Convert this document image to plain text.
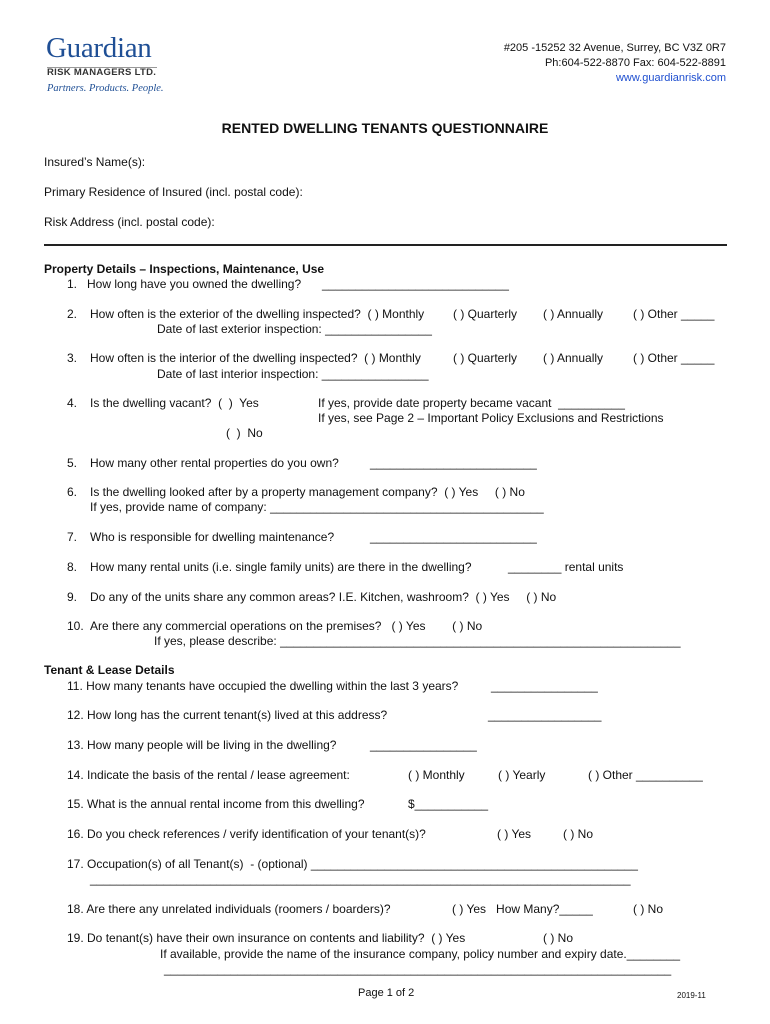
Guardian
RISK MANAGERS LTD.
Partners. Products. People.
#205 -15252 32 Avenue, Surrey, BC V3Z 0R7
Ph:604-522-8870 Fax: 604-522-8891
www.guardianrisk.com
RENTED DWELLING TENANTS QUESTIONNAIRE
Insured’s Name(s):
Primary Residence of Insured (incl. postal code):
Risk Address (incl. postal code):
Property Details – Inspections, Maintenance, Use
1.   How long have you owned the dwelling? ____________________________
2. How often is the exterior of the dwelling inspected?  ( ) Monthly ( ) Quarterly ( ) Annually ( ) Other _____
Date of last exterior inspection: ________________
3. How often is the interior of the dwelling inspected?  ( ) Monthly	( ) Quarterly ( ) Annually ( ) Other _____
Date of last interior inspection: ________________
4. Is the dwelling vacant?  (  )  Yes	If yes, provide date property became vacant  __________
If yes, see Page 2 – Important Policy Exclusions and Restrictions
(  )  No
5. How many other rental properties do you own?	_________________________
6. Is the dwelling looked after by a property management company?  ( ) Yes     ( ) No
If yes, provide name of company: _________________________________________
7. Who is responsible for dwelling maintenance?	_________________________
8. How many rental units (i.e. single family units) are there in the dwelling?	________ rental units
9. Do any of the units share any common areas? I.E. Kitchen, washroom?  ( ) Yes     ( ) No
10. Are there any commercial operations on the premises?   ( ) Yes        ( ) No
If yes, please describe: ____________________________________________________________
Tenant & Lease Details
11. How many tenants have occupied the dwelling within the last 3 years?	________________
12. How long has the current tenant(s) lived at this address?	_________________
13. How many people will be living in the dwelling?	________________
14. Indicate the basis of the rental / lease agreement:	( ) Monthly	( ) Yearly	( ) Other __________
15. What is the annual rental income from this dwelling?	$___________
16. Do you check references / verify identification of your tenant(s)?	( ) Yes	( ) No
17. Occupation(s) of all Tenant(s)  - (optional) _________________________________________________
_________________________________________________________________________________
18. Are there any unrelated individuals (roomers / boarders)?	( ) Yes   How Many?_____	( ) No
19. Do tenant(s) have their own insurance on contents and liability?  ( ) Yes	( ) No
If available, provide the name of the insurance company, policy number and expiry date.________
____________________________________________________________________________
Page 1 of 2	2019-11
